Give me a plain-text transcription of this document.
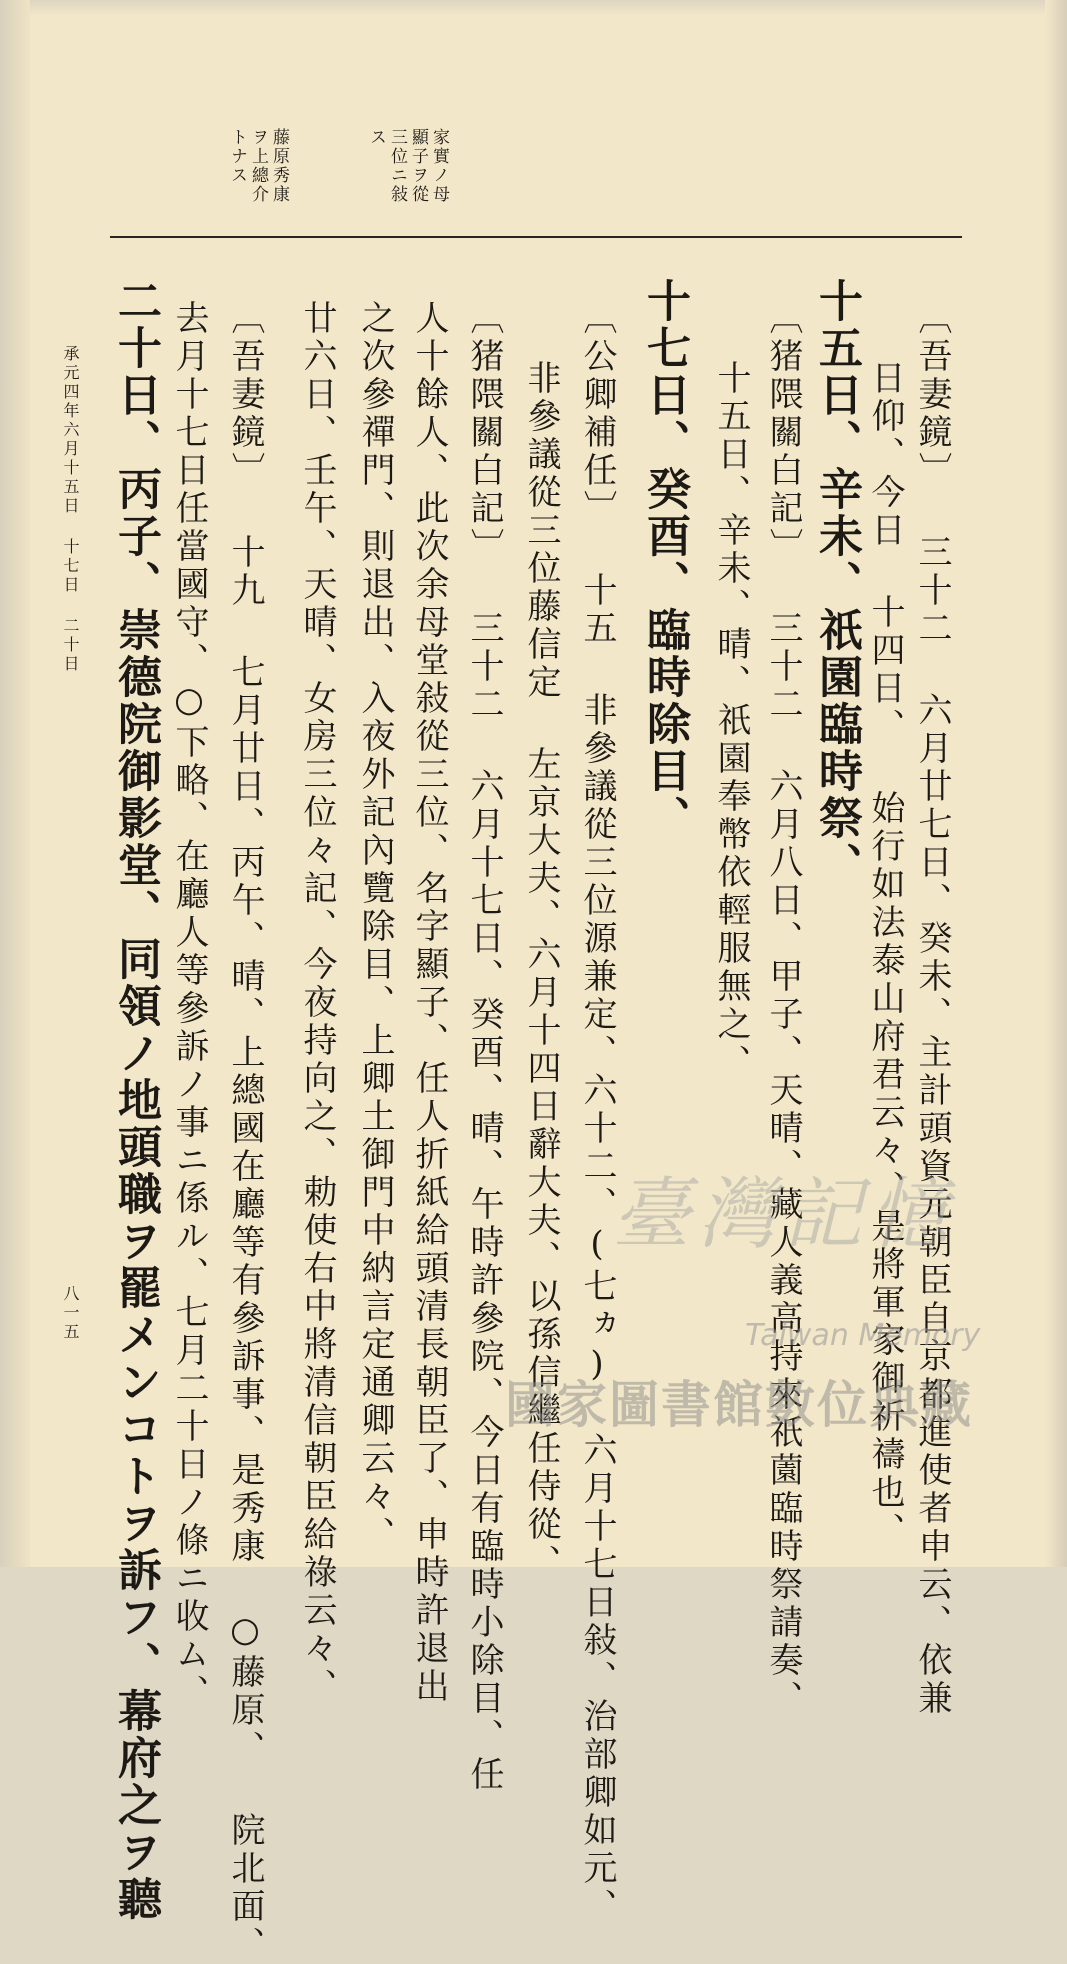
家實ノ母
顯子ヲ從
三位ニ敍
ス
藤原秀康
ヲ上總介
トナス
〔吾妻鏡〕 三十二 六月廿七日、癸未、主計頭資元朝臣自京都進使者申云、依兼
日仰、今日 十四日、 始行如法泰山府君云々、是將軍家御祈禱也、
十五日、辛未、祇園臨時祭、
〔猪隈關白記〕 三十二 六月八日、甲子、天晴、藏人義高持來祇薗臨時祭請奏、
十五日、辛未、晴、祇園奉幣依輕服無之、
十七日、癸酉、臨時除目、
〔公卿補任〕 十五 非參議從三位源兼定、六十二、(七ヵ) 六月十七日敍、治部卿如元、
非參議從三位藤信定 左京大夫、六月十四日辭大夫、以孫信繼任侍從、
〔猪隈關白記〕 三十二 六月十七日、癸酉、晴、午時許參院、今日有臨時小除目、任
人十餘人、此次余母堂敍從三位、名字顯子、任人折紙給頭清長朝臣了、申時許退出
之次參禪門、則退出、入夜外記內覽除目、上卿土御門中納言定通卿云々、
廿六日、壬午、天晴、女房三位々記、今夜持向之、勅使右中將清信朝臣給祿云々、
〔吾妻鏡〕 十九 七月廿日、丙午、晴、上總國在廳等有參訴事、是秀康 ○藤原、 院北面、
去月十七日任當國守、○下略、在廳人等參訴ノ事ニ係ル、七月二十日ノ條ニ收ム、
二十日、丙子、崇德院御影堂、同領ノ地頭職ヲ罷メンコトヲ訴フ、幕府之ヲ聽
承元四年六月十五日 十七日 二十日
八一五
臺灣記憶
Taiwan Memory
國家圖書館數位典藏
